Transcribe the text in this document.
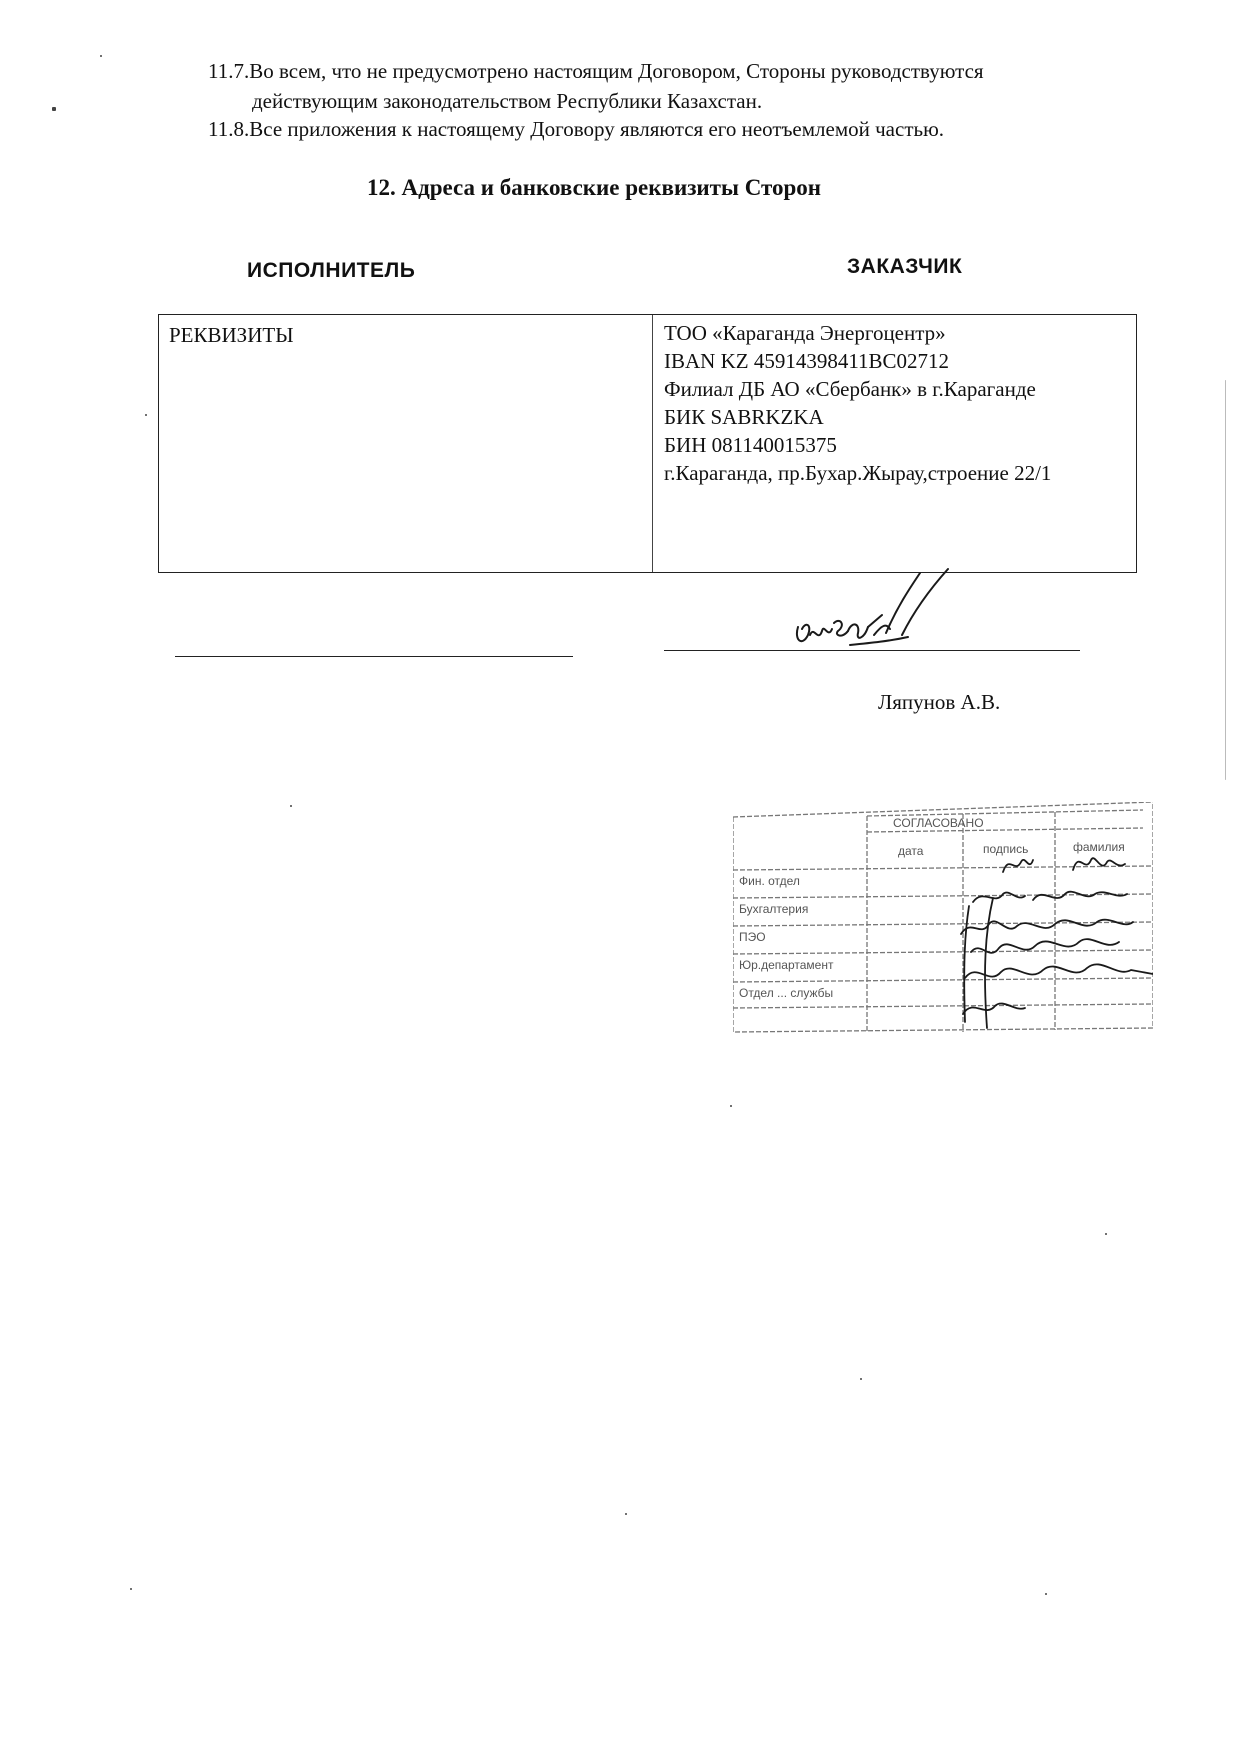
11.7.Во всем, что не предусмотрено настоящим Договором, Стороны руководствуются
действующим законодательством Республики Казахстан.
11.8.Все приложения к настоящему Договору являются его неотъемлемой частью.
12. Адреса и банковские реквизиты Сторон
ИСПОЛНИТЕЛЬ	ЗАКАЗЧИК
РЕКВИЗИТЫ	ТОО «Караганда Энергоцентр»
IBAN KZ 45914398411BC02712
Филиал ДБ АО «Сбербанк» в г.Караганде
БИК SABRKZKA
БИН 081140015375
г.Караганда, пр.Бухар.Жырау,строение 22/1
Ляпунов А.В.
СОГЛАСОВАНО
дата	подпись	фамилия
Фин. отдел
Бухгалтерия
ПЭО
Юр.департамент
Отдел ... службы
